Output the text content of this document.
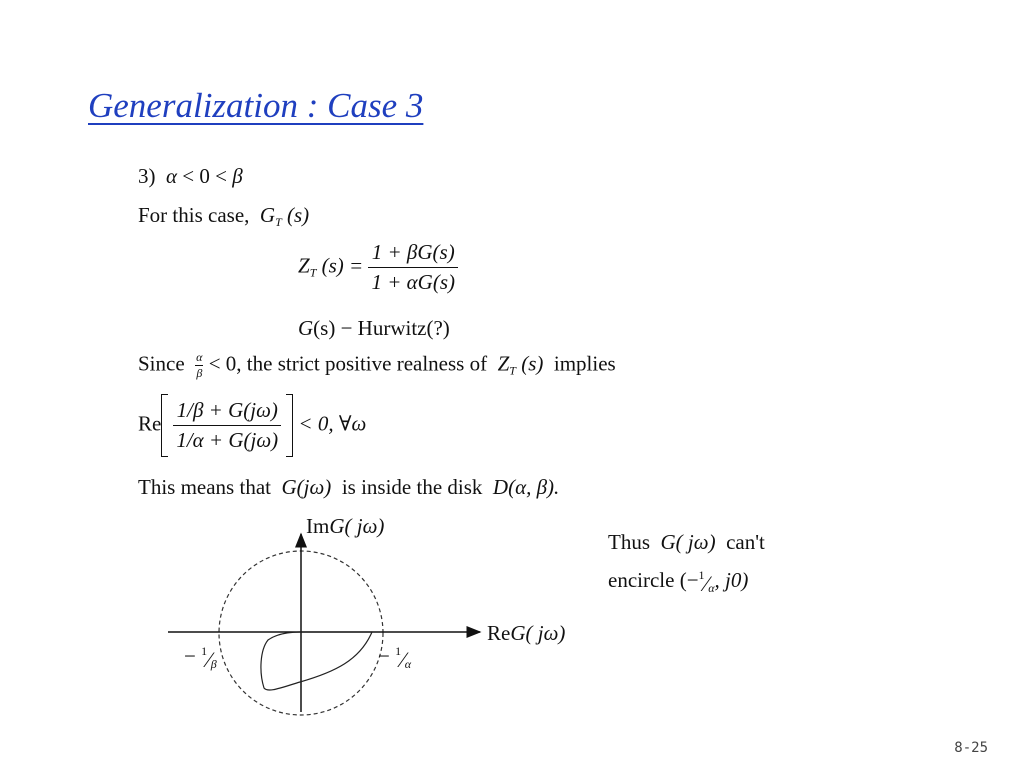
Generalization : Case 3
3) α < 0 < β
For this case, $G_T$ (s)
$Z_T$ $(s) = \frac{1 + \beta G(s)}{1 + \alpha G(s)}$
G(s) − Hurwitz(?)
Since $\frac{\alpha}{\beta} < 0$, the strict positive realness of $Z_T$ (s) implies
Re $\frac{1/\beta + G(j\omega)}{1/\alpha + G(j\omega)} < 0$, ∀ω
This means that G(jω) is inside the disk D(α, β).
ImG( jω)
ReG( jω)
− $^1⁄_\beta$	− $^1⁄_\alpha$
Thus G( jω) can't
encircle ($-^1⁄_\alpha$, j0)
8-25
